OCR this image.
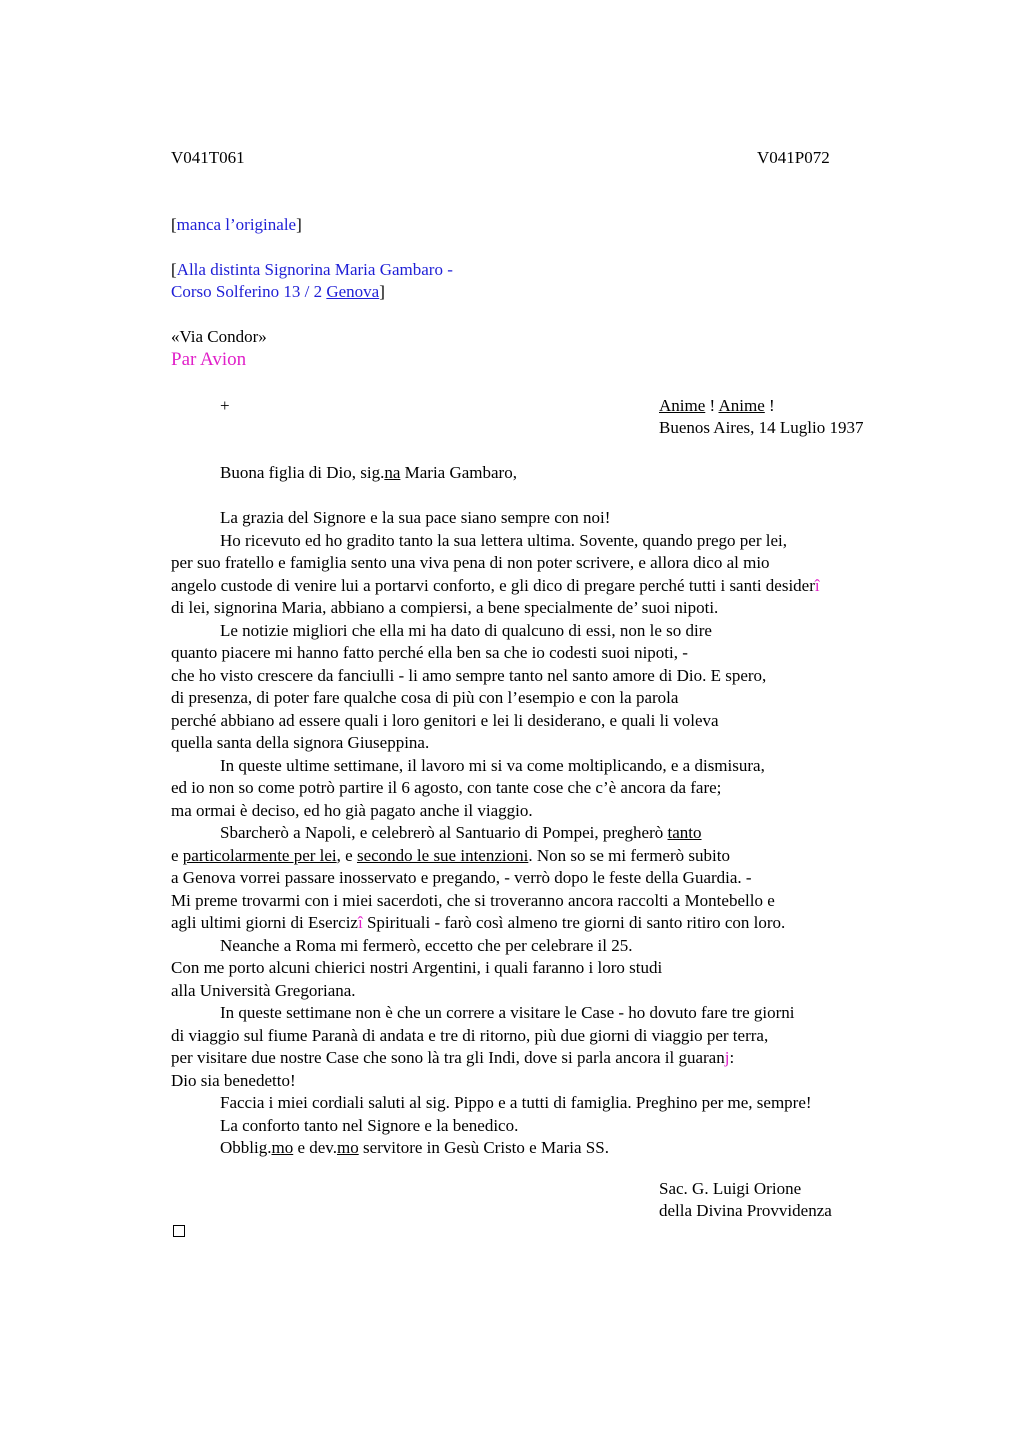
V041T061	V041P072
[manca l’originale]
[Alla distinta Signorina Maria Gambaro -
Corso Solferino 13 / 2 Genova]
«Via Condor»
Par Avion
+	Anime ! Anime !
Buenos Aires, 14 Luglio 1937
Buona figlia di Dio, sig.na Maria Gambaro,
La grazia del Signore e la sua pace siano sempre con noi!
Ho ricevuto ed ho gradito tanto la sua lettera ultima. Sovente, quando prego per lei,
per suo fratello e famiglia sento una viva pena di non poter scrivere, e allora dico al mio
angelo custode di venire lui a portarvi conforto, e gli dico di pregare perché tutti i santi desiderî
di lei, signorina Maria, abbiano a compiersi, a bene specialmente de’ suoi nipoti.
Le notizie migliori che ella mi ha dato di qualcuno di essi, non le so dire
quanto piacere mi hanno fatto perché ella ben sa che io codesti suoi nipoti, -
che ho visto crescere da fanciulli - li amo sempre tanto nel santo amore di Dio. E spero,
di presenza, di poter fare qualche cosa di più con l’esempio e con la parola
perché abbiano ad essere quali i loro genitori e lei li desiderano, e quali li voleva
quella santa della signora Giuseppina.
In queste ultime settimane, il lavoro mi si va come moltiplicando, e a dismisura,
ed io non so come potrò partire il 6 agosto, con tante cose che c’è ancora da fare;
ma ormai è deciso, ed ho già pagato anche il viaggio.
Sbarcherò a Napoli, e celebrerò al Santuario di Pompei, pregherò tanto
e particolarmente per lei, e secondo le sue intenzioni. Non so se mi fermerò subito
a Genova vorrei passare inosservato e pregando, - verrò dopo le feste della Guardia. -
Mi preme trovarmi con i miei sacerdoti, che si troveranno ancora raccolti a Montebello e
agli ultimi giorni di Esercizî Spirituali - farò così almeno tre giorni di santo ritiro con loro.
Neanche a Roma mi fermerò, eccetto che per celebrare il 25.
Con me porto alcuni chierici nostri Argentini, i quali faranno i loro studi
alla Università Gregoriana.
In queste settimane non è che un correre a visitare le Case - ho dovuto fare tre giorni
di viaggio sul fiume Paranà di andata e tre di ritorno, più due giorni di viaggio per terra,
per visitare due nostre Case che sono là tra gli Indi, dove si parla ancora il guaranj:
Dio sia benedetto!
Faccia i miei cordiali saluti al sig. Pippo e a tutti di famiglia. Preghino per me, sempre!
La conforto tanto nel Signore e la benedico.
Obblig.mo e dev.mo servitore in Gesù Cristo e Maria SS.
Sac. G. Luigi Orione
della Divina Provvidenza
